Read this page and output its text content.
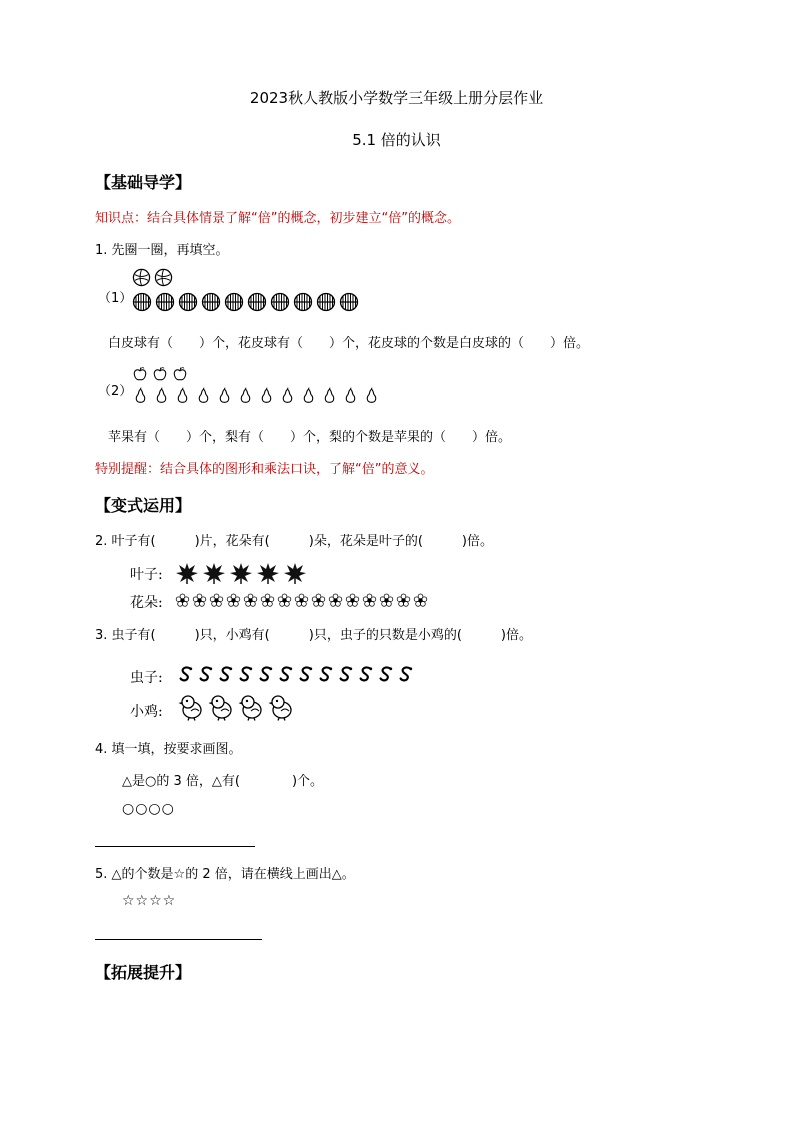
2023秋人教版小学数学三年级上册分层作业
5.1 倍的认识
【基础导学】
知识点：结合具体情景了解“倍”的概念，初步建立“倍”的概念。
1. 先圈一圈，再填空。
（1）
白皮球有（　　）个，花皮球有（　　）个，花皮球的个数是白皮球的（　　）倍。
（2）
苹果有（　　）个，梨有（　　）个，梨的个数是苹果的（　　）倍。
特别提醒：结合具体的图形和乘法口诀，了解“倍”的意义。
【变式运用】
2. 叶子有(　　　)片，花朵有(　　　)朵，花朵是叶子的(　　　)倍。
叶子:
花朵:
3. 虫子有(　　　)只，小鸡有(　　　)只，虫子的只数是小鸡的(　　　)倍。
虫子:
小鸡:
4. 填一填，按要求画图。
△是○的 3 倍，△有(　　　　)个。
○○○○
5. △的个数是☆的 2 倍，请在横线上画出△。
☆☆☆☆
【拓展提升】
